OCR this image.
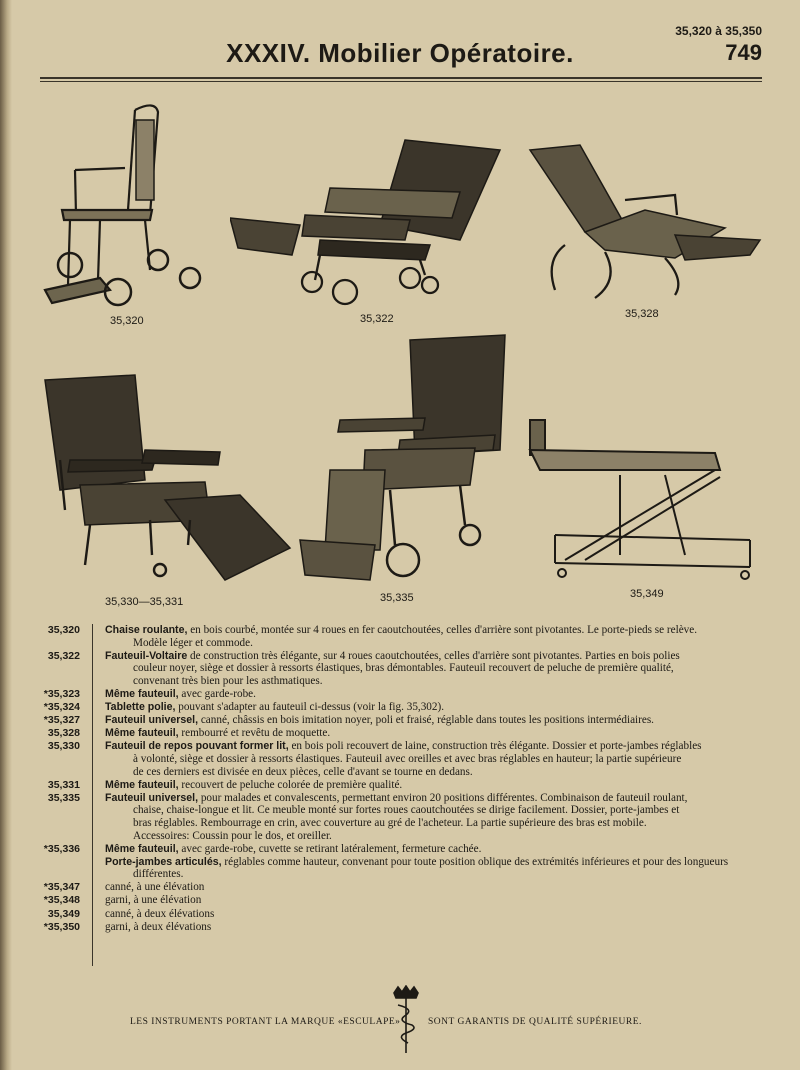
35,320 à 35,350
749
XXXIV. Mobilier Opératoire.
35,320	35,322	35,328
35,330—35,331	35,335	35,349
35,320 Chaise roulante, en bois courbé, montée sur 4 roues en fer caoutchoutées, celles d'arrière sont pivotantes. Le porte-pieds se relève.
Modèle léger et commode.
35,322 Fauteuil-Voltaire de construction très élégante, sur 4 roues caoutchoutées, celles d'arrière sont pivotantes. Parties en bois polies
couleur noyer, siège et dossier à ressorts élastiques, bras démontables. Fauteuil recouvert de peluche de première qualité,
convenant très bien pour les asthmatiques.
*35,323 Même fauteuil, avec garde-robe.
*35,324 Tablette polie, pouvant s'adapter au fauteuil ci-dessus (voir la fig. 35,302).
*35,327 Fauteuil universel, canné, châssis en bois imitation noyer, poli et fraisé, réglable dans toutes les positions intermédiaires.
35,328 Même fauteuil, rembourré et revêtu de moquette.
35,330 Fauteuil de repos pouvant former lit, en bois poli recouvert de laine, construction très élégante. Dossier et porte-jambes réglables
à volonté, siège et dossier à ressorts élastiques. Fauteuil avec oreilles et avec bras réglables en hauteur; la partie supérieure
de ces derniers est divisée en deux pièces, celle d'avant se tourne en dedans.
35,331 Même fauteuil, recouvert de peluche colorée de première qualité.
35,335 Fauteuil universel, pour malades et convalescents, permettant environ 20 positions différentes. Combinaison de fauteuil roulant,
chaise, chaise-longue et lit. Ce meuble monté sur fortes roues caoutchoutées se dirige facilement. Dossier, porte-jambes et
bras réglables. Rembourrage en crin, avec couverture au gré de l'acheteur. La partie supérieure des bras est mobile.
Accessoires: Coussin pour le dos, et oreiller.
*35,336 Même fauteuil, avec garde-robe, cuvette se retirant latéralement, fermeture cachée.
Porte-jambes articulés, réglables comme hauteur, convenant pour toute position oblique des extrémités inférieures et pour des longueurs
différentes.
*35,347 canné, à une élévation
*35,348 garni, à une élévation
35,349 canné, à deux élévations
*35,350 garni, à deux élévations
LES INSTRUMENTS PORTANT LA MARQUE «ESCULAPE»	SONT GARANTIS DE QUALITÉ SUPÉRIEURE.
